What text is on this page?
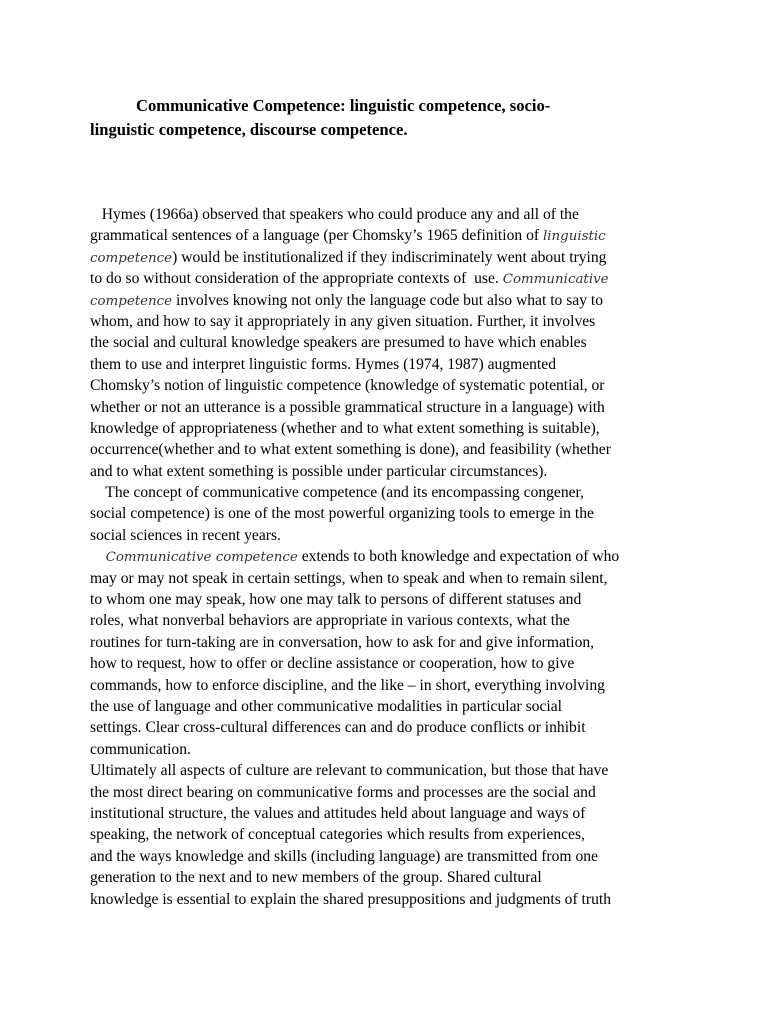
Communicative Competence: linguistic competence, socio-
linguistic competence, discourse competence.
Hymes (1966a) observed that speakers who could produce any and all of the
grammatical sentences of a language (per Chomsky’s 1965 definition of linguistic
competence) would be institutionalized if they indiscriminately went about trying
to do so without consideration of the appropriate contexts of  use. Communicative
competence involves knowing not only the language code but also what to say to
whom, and how to say it appropriately in any given situation. Further, it involves
the social and cultural knowledge speakers are presumed to have which enables
them to use and interpret linguistic forms. Hymes (1974, 1987) augmented
Chomsky’s notion of linguistic competence (knowledge of systematic potential, or
whether or not an utterance is a possible grammatical structure in a language) with
knowledge of appropriateness (whether and to what extent something is suitable),
occurrence(whether and to what extent something is done), and feasibility (whether
and to what extent something is possible under particular circumstances).
The concept of communicative competence (and its encompassing congener,
social competence) is one of the most powerful organizing tools to emerge in the
social sciences in recent years.
Communicative competence extends to both knowledge and expectation of who
may or may not speak in certain settings, when to speak and when to remain silent,
to whom one may speak, how one may talk to persons of different statuses and
roles, what nonverbal behaviors are appropriate in various contexts, what the
routines for turn-taking are in conversation, how to ask for and give information,
how to request, how to offer or decline assistance or cooperation, how to give
commands, how to enforce discipline, and the like – in short, everything involving
the use of language and other communicative modalities in particular social
settings. Clear cross-cultural differences can and do produce conflicts or inhibit
communication.
Ultimately all aspects of culture are relevant to communication, but those that have
the most direct bearing on communicative forms and processes are the social and
institutional structure, the values and attitudes held about language and ways of
speaking, the network of conceptual categories which results from experiences,
and the ways knowledge and skills (including language) are transmitted from one
generation to the next and to new members of the group. Shared cultural
knowledge is essential to explain the shared presuppositions and judgments of truth
